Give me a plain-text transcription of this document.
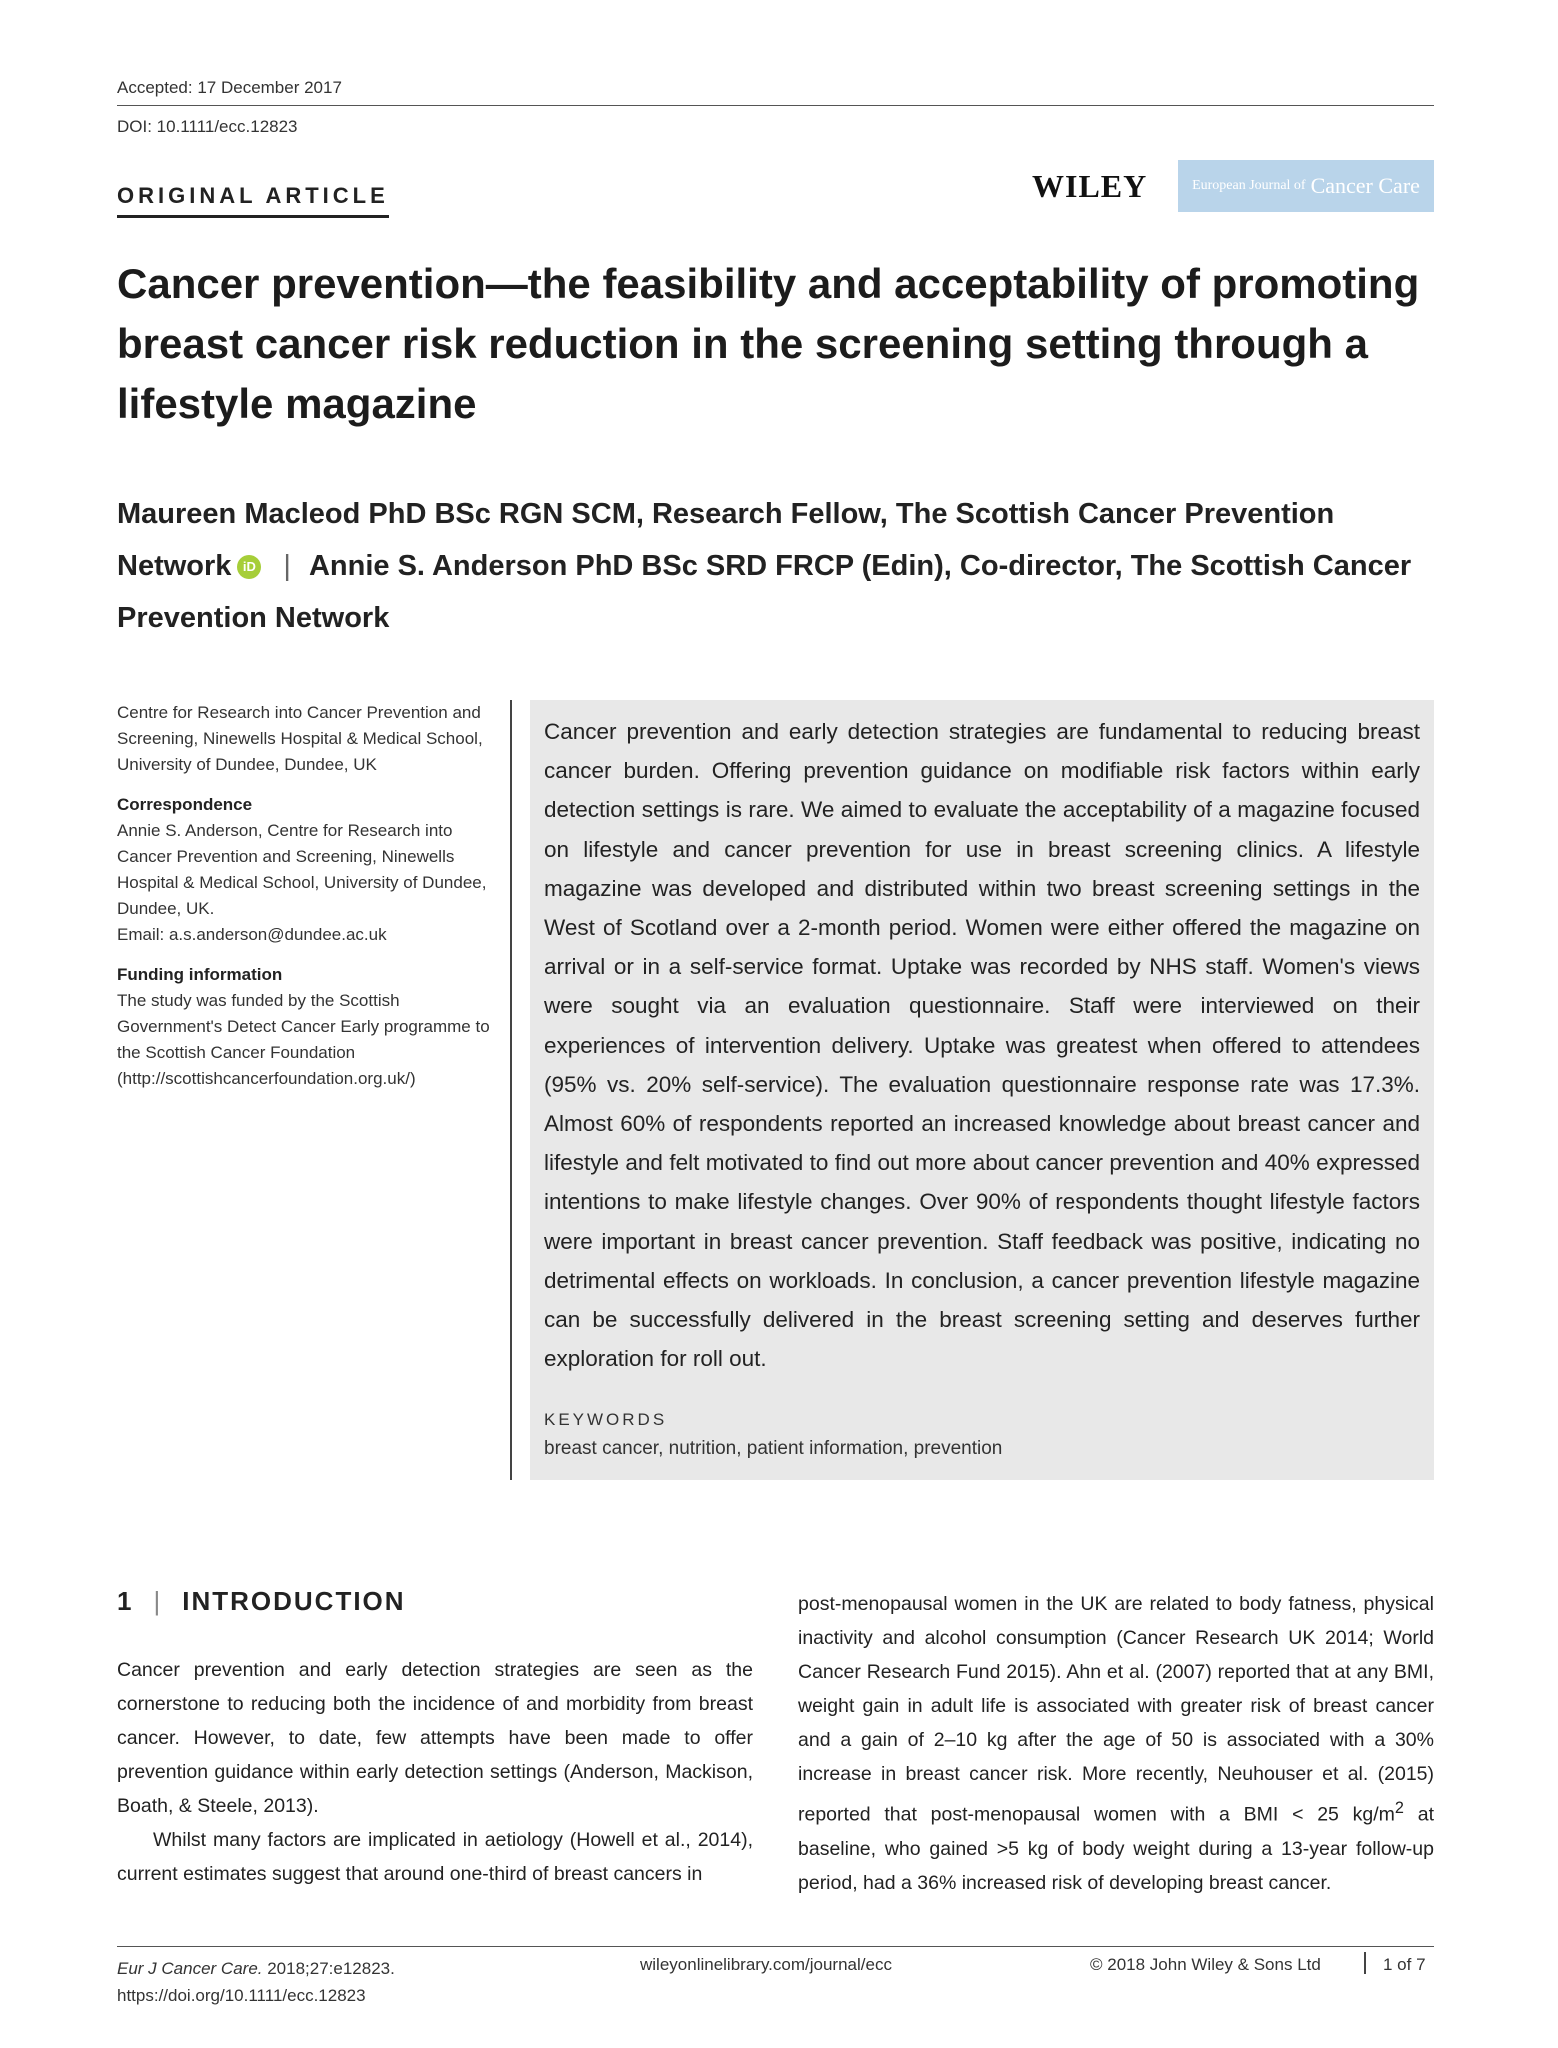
Accepted: 17 December 2017
DOI: 10.1111/ecc.12823
ORIGINAL ARTICLE	WILEY	European Journal of Cancer Care
Cancer prevention—the feasibility and acceptability of promoting breast cancer risk reduction in the screening setting through a lifestyle magazine

Maureen Macleod PhD BSc RGN SCM, Research Fellow, The Scottish Cancer Prevention Network iD | Annie S. Anderson PhD BSc SRD FRCP (Edin), Co-director, The Scottish Cancer Prevention Network

Centre for Research into Cancer Prevention and Screening, Ninewells Hospital & Medical School, University of Dundee, Dundee, UK
Correspondence
Annie S. Anderson, Centre for Research into Cancer Prevention and Screening, Ninewells Hospital & Medical School, University of Dundee, Dundee, UK.
Email: a.s.anderson@dundee.ac.uk
Funding information
The study was funded by the Scottish Government's Detect Cancer Early programme to the Scottish Cancer Foundation (http://scottishcancerfoundation.org.uk/)

Cancer prevention and early detection strategies are fundamental to reducing breast cancer burden. Offering prevention guidance on modifiable risk factors within early detection settings is rare. We aimed to evaluate the acceptability of a magazine focused on lifestyle and cancer prevention for use in breast screening clinics. A lifestyle magazine was developed and distributed within two breast screening settings in the West of Scotland over a 2-month period. Women were either offered the magazine on arrival or in a self-service format. Uptake was recorded by NHS staff. Women's views were sought via an evaluation questionnaire. Staff were interviewed on their experiences of intervention delivery. Uptake was greatest when offered to attendees (95% vs. 20% self-service). The evaluation questionnaire response rate was 17.3%. Almost 60% of respondents reported an increased knowledge about breast cancer and lifestyle and felt motivated to find out more about cancer prevention and 40% expressed intentions to make lifestyle changes. Over 90% of respondents thought lifestyle factors were important in breast cancer prevention. Staff feedback was positive, indicating no detrimental effects on workloads. In conclusion, a cancer prevention lifestyle magazine can be successfully delivered in the breast screening setting and deserves further exploration for roll out.

KEYWORDS
breast cancer, nutrition, patient information, prevention
1 | INTRODUCTION

Cancer prevention and early detection strategies are seen as the cornerstone to reducing both the incidence of and morbidity from breast cancer. However, to date, few attempts have been made to offer prevention guidance within early detection settings (Anderson, Mackison, Boath, & Steele, 2013).

Whilst many factors are implicated in aetiology (Howell et al., 2014), current estimates suggest that around one-third of breast cancers in

post-menopausal women in the UK are related to body fatness, physical inactivity and alcohol consumption (Cancer Research UK 2014; World Cancer Research Fund 2015). Ahn et al. (2007) reported that at any BMI, weight gain in adult life is associated with greater risk of breast cancer and a gain of 2–10 kg after the age of 50 is associated with a 30% increase in breast cancer risk. More recently, Neuhouser et al. (2015) reported that post-menopausal women with a BMI < 25 $kg/m^2$ at baseline, who gained >5 kg of body weight during a 13-year follow-up period, had a 36% increased risk of developing breast cancer.

Eur J Cancer Care. 2018;27:e12823.
https://doi.org/10.1111/ecc.12823
wileyonlinelibrary.com/journal/ecc	© 2018 John Wiley & Sons Ltd	1 of 7
